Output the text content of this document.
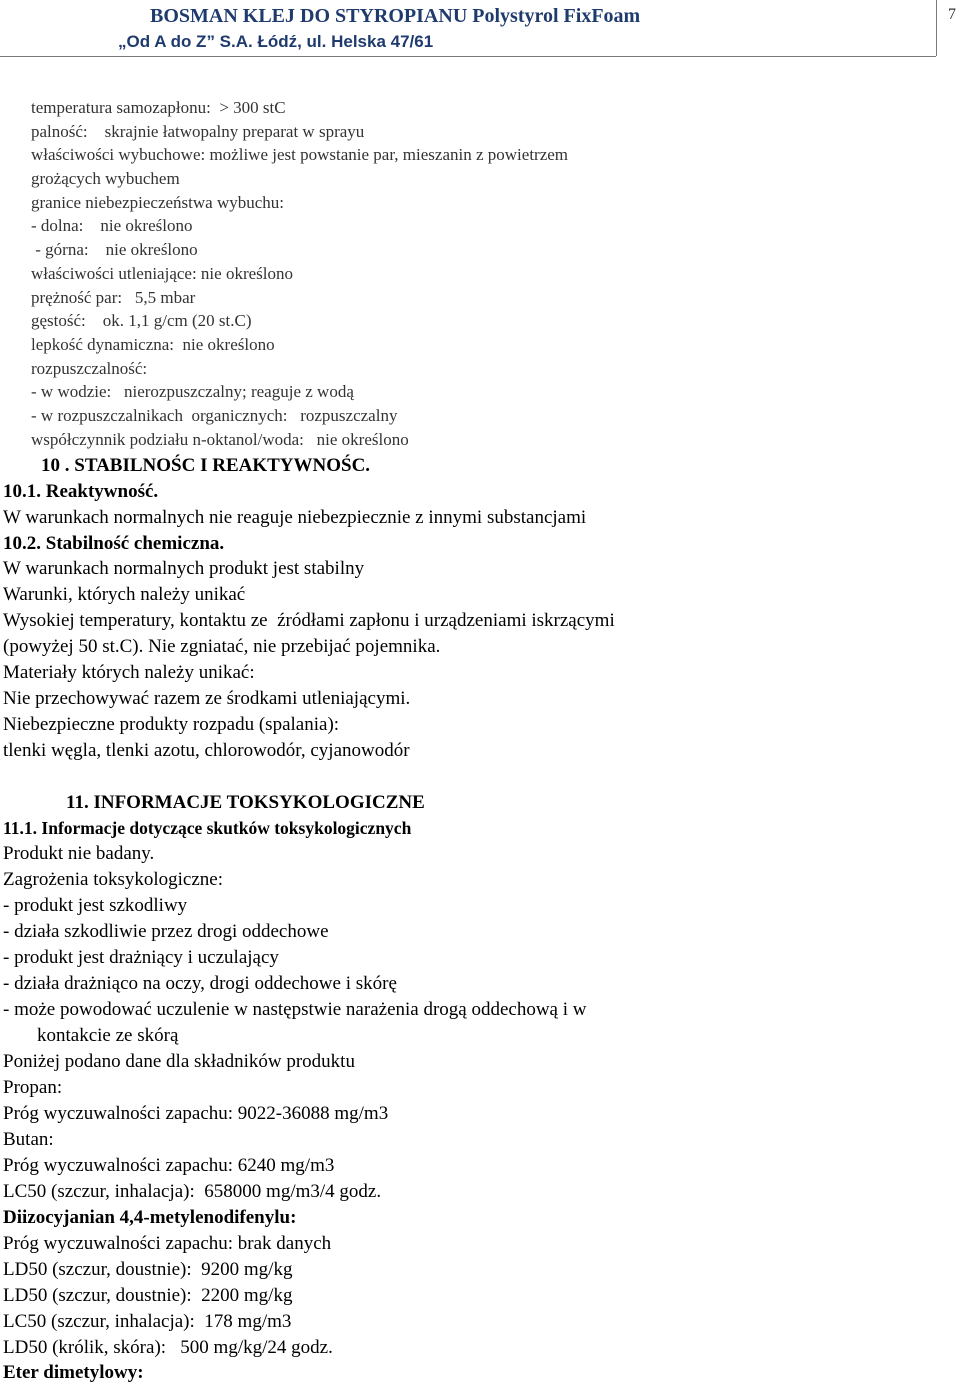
BOSMAN KLEJ DO STYROPIANU Polystyrol FixFoam
„Od A do Z” S.A. Łódź, ul. Helska 47/61
7
temperatura samozapłonu:  > 300 stC
palność:    skrajnie łatwopalny preparat w sprayu
właściwości wybuchowe: możliwe jest powstanie par, mieszanin z powietrzem
grożących wybuchem
granice niebezpieczeństwa wybuchu:
- dolna:    nie określono
- górna:    nie określono
właściwości utleniające: nie określono
prężność par:   5,5 mbar
gęstość:    ok. 1,1 g/cm (20 st.C)
lepkość dynamiczna:  nie określono
rozpuszczalność:
- w wodzie:   nierozpuszczalny; reaguje z wodą
- w rozpuszczalnikach  organicznych:   rozpuszczalny
współczynnik podziału n-oktanol/woda:   nie określono
10 . STABILNOŚC I REAKTYWNOŚC.
10.1. Reaktywność.
W warunkach normalnych nie reaguje niebezpiecznie z innymi substancjami
10.2. Stabilność chemiczna.
W warunkach normalnych produkt jest stabilny
Warunki, których należy unikać
Wysokiej temperatury, kontaktu ze  źródłami zapłonu i urządzeniami iskrzącymi
(powyżej 50 st.C). Nie zgniatać, nie przebijać pojemnika.
Materiały których należy unikać:
Nie przechowywać razem ze środkami utleniającymi.
Niebezpieczne produkty rozpadu (spalania):
tlenki węgla, tlenki azotu, chlorowodór, cyjanowodór
11. INFORMACJE TOKSYKOLOGICZNE
11.1. Informacje dotyczące skutków toksykologicznych
Produkt nie badany.
Zagrożenia toksykologiczne:
- produkt jest szkodliwy
- działa szkodliwie przez drogi oddechowe
- produkt jest drażniący i uczulający
- działa drażniąco na oczy, drogi oddechowe i skórę
- może powodować uczulenie w następstwie narażenia drogą oddechową i w
kontakcie ze skórą
Poniżej podano dane dla składników produktu
Propan:
Próg wyczuwalności zapachu: 9022-36088 mg/m3
Butan:
Próg wyczuwalności zapachu: 6240 mg/m3
LC50 (szczur, inhalacja):  658000 mg/m3/4 godz.
Diizocyjanian 4,4-metylenodifenylu:
Próg wyczuwalności zapachu: brak danych
LD50 (szczur, doustnie):  9200 mg/kg
LD50 (szczur, doustnie):  2200 mg/kg
LC50 (szczur, inhalacja):  178 mg/m3
LD50 (królik, skóra):   500 mg/kg/24 godz.
Eter dimetylowy:
